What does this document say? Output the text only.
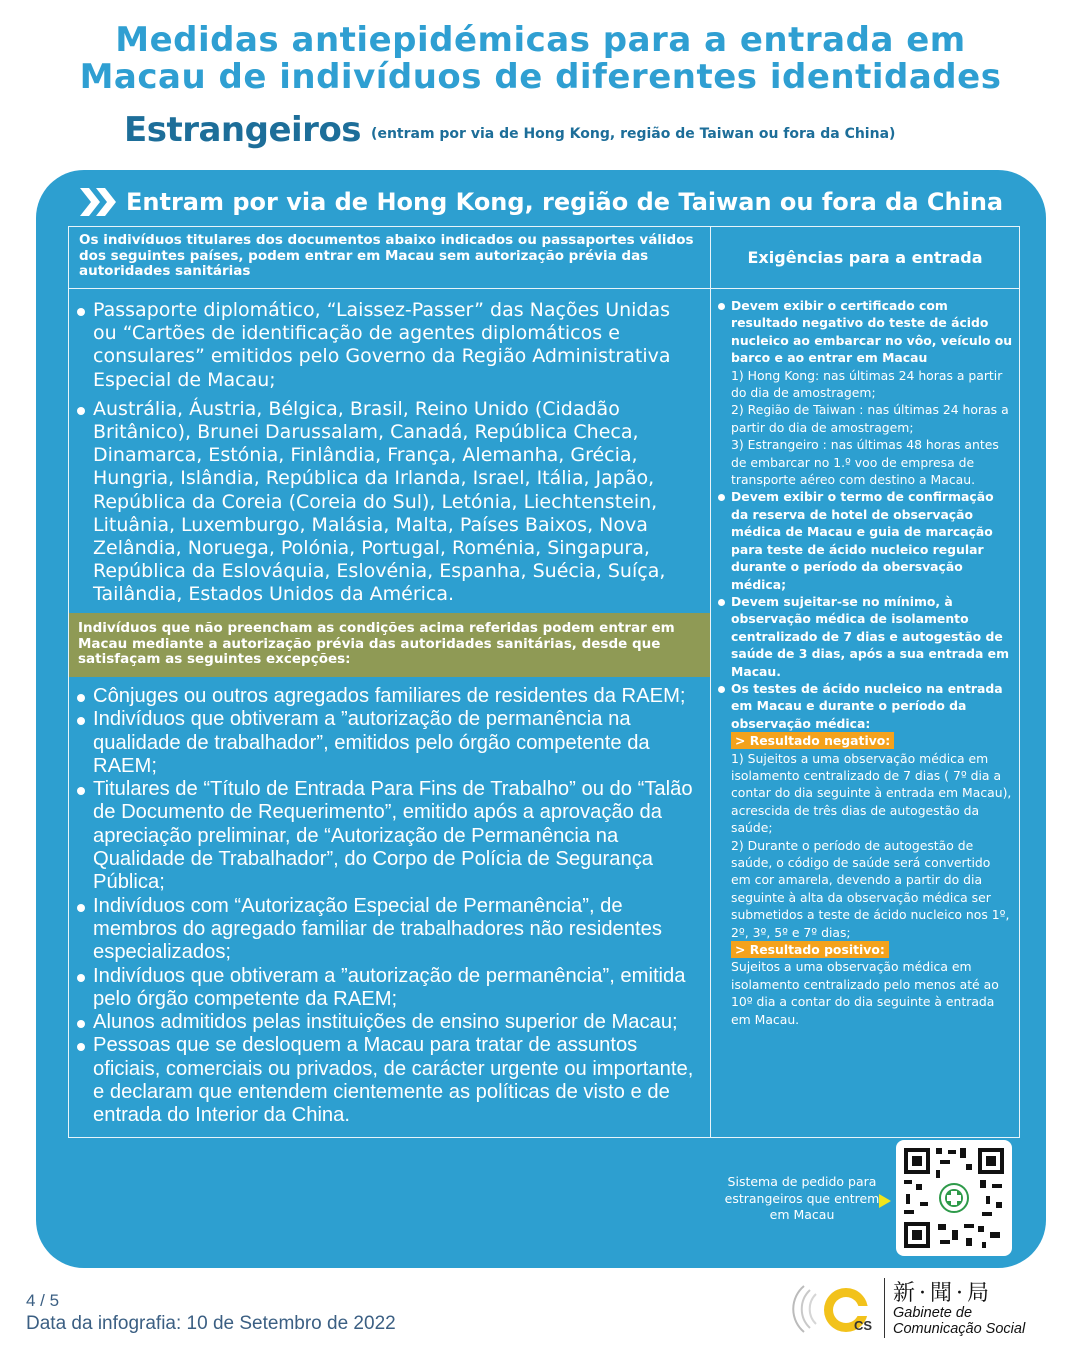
Medidas antiepidémicas para a entrada em
Macau de indivíduos de diferentes identidades
Estrangeiros (entram por via de Hong Kong, região de Taiwan ou fora da China)
Entram por via de Hong Kong, região de Taiwan ou fora da China
Os indivíduos titulares dos documentos abaixo indicados ou passaportes válidos dos seguintes países, podem entrar em Macau sem autorização prévia das autoridades sanitárias
Exigências para a entrada
Passaporte diplomático, “Laissez-Passer” das Nações Unidas ou “Cartões de identificação de agentes diplomáticos e consulares” emitidos pelo Governo da Região Administrativa Especial de Macau;
Austrália, Áustria, Bélgica, Brasil, Reino Unido (Cidadão Britânico), Brunei Darussalam, Canadá, República Checa, Dinamarca, Estónia, Finlândia, França, Alemanha, Grécia, Hungria, Islândia, República da Irlanda, Israel, Itália, Japão, República da Coreia (Coreia do Sul), Letónia, Liechtenstein, Lituânia, Luxemburgo, Malásia, Malta, Países Baixos, Nova Zelândia, Noruega, Polónia, Portugal, Roménia, Singapura, República da Eslováquia, Eslovénia, Espanha, Suécia, Suíça, Tailândia, Estados Unidos da América.
Indivíduos que não preencham as condições acima referidas podem entrar em Macau mediante a autorização prévia das autoridades sanitárias, desde que satisfaçam as seguintes excepções:
Cônjuges ou outros agregados familiares de residentes da RAEM;
Indivíduos que obtiveram a ”autorização de permanência na qualidade de trabalhador”, emitidos pelo órgão competente da RAEM;
Titulares de “Título de Entrada Para Fins de Trabalho” ou do “Talão de Documento de Requerimento”, emitido após a aprovação da apreciação preliminar, de “Autorização de Permanência na Qualidade de Trabalhador”, do Corpo de Polícia de Segurança Pública;
Indivíduos com “Autorização Especial de Permanência”, de membros do agregado familiar de trabalhadores não residentes especializados;
Indivíduos que obtiveram a ”autorização de permanência”, emitida pelo órgão competente da RAEM;
Alunos admitidos pelas instituições de ensino superior de Macau;
Pessoas que se desloquem a Macau para tratar de assuntos oficiais, comerciais ou privados, de carácter urgente ou importante, e declaram que entendem cientemente as políticas de visto e de entrada do Interior da China.
Devem exibir o certificado com resultado negativo do teste de ácido nucleico ao embarcar no vôo, veículo ou barco e ao entrar em Macau
1) Hong Kong: nas últimas 24 horas a partir do dia de amostragem;
2) Região de Taiwan : nas últimas 24 horas a partir do dia de amostragem;
3) Estrangeiro : nas últimas 48 horas antes de embarcar no 1.º voo de empresa de transporte aéreo com destino a Macau.
Devem exibir o termo de confirmação da reserva de hotel de observação médica de Macau e guia de marcação para teste de ácido nucleico regular durante o período da obersvação médica;
Devem sujeitar-se no mínimo, à observação médica de isolamento centralizado de 7 dias e autogestão de saúde de 3 dias, após a sua entrada em Macau.
Os testes de ácido nucleico na entrada em Macau e durante o período da observação médica:
> Resultado negativo:
1) Sujeitos a uma observação médica em isolamento centralizado de 7 dias ( 7º dia a contar do dia seguinte à entrada em Macau), acrescida de três dias de autogestão da saúde;
2) Durante o período de autogestão de saúde, o código de saúde será convertido em cor amarela, devendo a partir do dia seguinte à alta da observação médica ser submetidos a teste de ácido nucleico nos 1º, 2º, 3º, 5º e 7º dias;
> Resultado positivo:
Sujeitos a uma observação médica em isolamento centralizado pelo menos até ao 10º dia a contar do dia seguinte à entrada em Macau.
Sistema de pedido para estrangeiros que entrem em Macau
4 / 5
Data da infografia: 10 de Setembro de 2022	CS
新·聞·局
Gabinete de Comunicação Social
